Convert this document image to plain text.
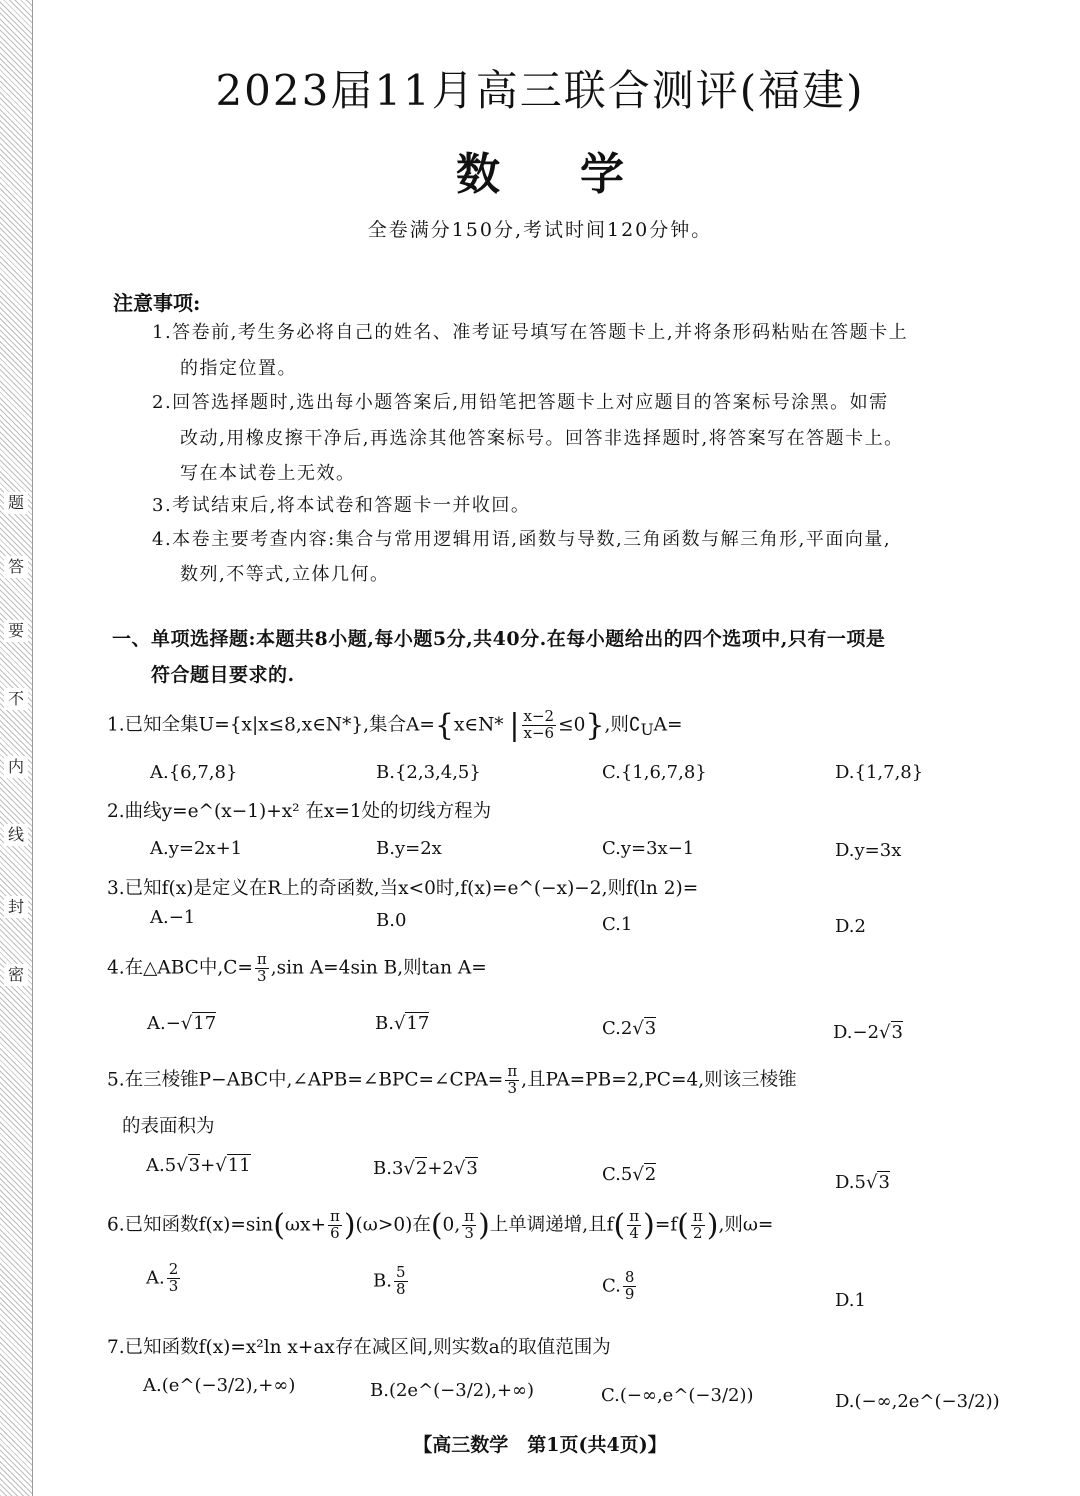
题
答
要
不
内
线
封
密
2023届11月高三联合测评(福建)
数学
全卷满分150分,考试时间120分钟。
注意事项:
1.答卷前,考生务必将自己的姓名、准考证号填写在答题卡上,并将条形码粘贴在答题卡上
的指定位置。
2.回答选择题时,选出每小题答案后,用铅笔把答题卡上对应题目的答案标号涂黑。如需
改动,用橡皮擦干净后,再选涂其他答案标号。回答非选择题时,将答案写在答题卡上。
写在本试卷上无效。
3.考试结束后,将本试卷和答题卡一并收回。
4.本卷主要考查内容:集合与常用逻辑用语,函数与导数,三角函数与解三角形,平面向量,
数列,不等式,立体几何。
一、单项选择题:本题共8小题,每小题5分,共40分.在每小题给出的四个选项中,只有一项是
符合题目要求的.
1.已知全集U={x|x≤8,x∈N*},集合A={x∈N* | $\frac{x-2}{x-6} \le 0$},则$∁_UA=$
A.{6,7,8}	B.{2,3,4,5}	C.{1,6,7,8}	D.{1,7,8}
2.曲线y=e^(x−1)+x² 在x=1处的切线方程为
A.y=2x+1	B.y=2x	C.y=3x−1	D.y=3x
3.已知f(x)是定义在R上的奇函数,当x<0时,f(x)=e^(−x)−2,则f(ln 2)=
A.−1	B.0	C.1	D.2
4.在△ABC中$,C= \frac{\pi}{3} ,\sin$ A=4sin B,则tan A=
A.−√17	B.√17	C.2√3	D.−2√3
5.在三棱锥P−ABC中,∠APB=∠BPC=∠CPA= $\frac{\pi}{3}$ ,且PA=PB=2,PC=4,则该三棱锥
的表面积为
A.5√3+√11	B.3√2+2√3	C.5√2	D.5√3
6.已知函数$f(x)=\sin(\omega x+ \frac{\pi}{6} )(\omega>0)$在(0, $\frac{\pi}{3}$ )上单调递增,且$f( \frac{\pi}{4} )=f( \frac{\pi}{2}$ ),则ω=
A. $\frac{2}{3}$	B. $\frac{5}{8}$	C. $\frac{8}{9}$	D.1
7.已知函数f(x)=x²ln x+ax存在减区间,则实数a的取值范围为
A.(e^(−3/2),+∞)	B.(2e^(−3/2),+∞)	C.(−∞,e^(−3/2))	D.(−∞,2e^(−3/2))
【高三数学　第1页(共4页)】
